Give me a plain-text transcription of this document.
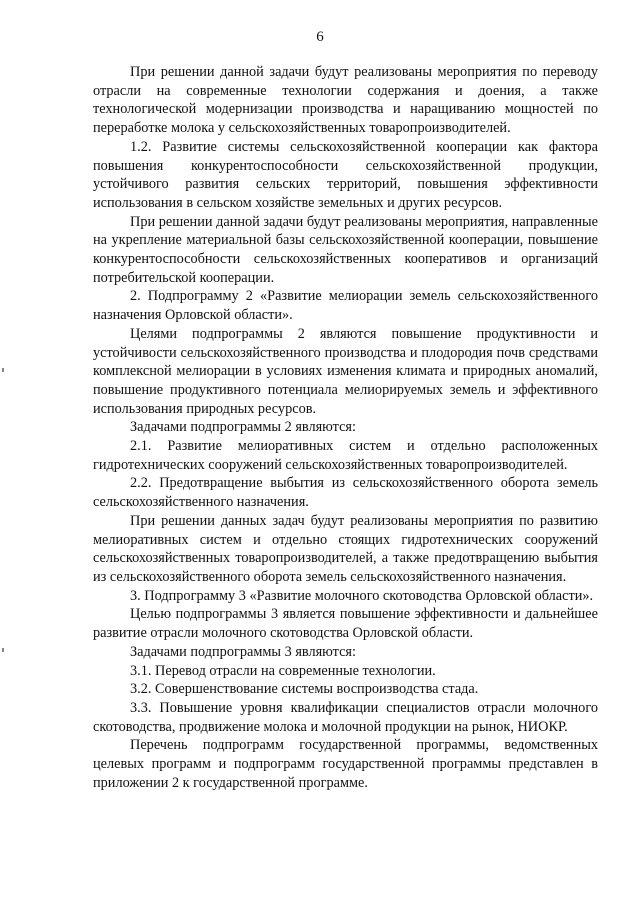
6

При решении данной задачи будут реализованы мероприятия по переводу отрасли на современные технологии содержания и доения, а также технологической модернизации производства и наращиванию мощностей по переработке молока у сельскохозяйственных товаропроизводителей.

1.2. Развитие системы сельскохозяйственной кооперации как фактора повышения конкурентоспособности сельскохозяйственной продукции, устойчивого развития сельских территорий, повышения эффективности использования в сельском хозяйстве земельных и других ресурсов.

При решении данной задачи будут реализованы мероприятия, направленные на укрепление материальной базы сельскохозяйственной кооперации, повышение конкурентоспособности сельскохозяйственных кооперативов и организаций потребительской кооперации.

2. Подпрограмму 2 «Развитие мелиорации земель сельскохозяйственного назначения Орловской области».

Целями подпрограммы 2 являются повышение продуктивности и устойчивости сельскохозяйственного производства и плодородия почв средствами комплексной мелиорации в условиях изменения климата и природных аномалий, повышение продуктивного потенциала мелиорируемых земель и эффективного использования природных ресурсов.

Задачами подпрограммы 2 являются:

2.1. Развитие мелиоративных систем и отдельно расположенных гидротехнических сооружений сельскохозяйственных товаропроизводителей.

2.2. Предотвращение выбытия из сельскохозяйственного оборота земель сельскохозяйственного назначения.

При решении данных задач будут реализованы мероприятия по развитию мелиоративных систем и отдельно стоящих гидротехнических сооружений сельскохозяйственных товаропроизводителей, а также предотвращению выбытия из сельскохозяйственного оборота земель сельскохозяйственного назначения.

3. Подпрограмму 3 «Развитие молочного скотоводства Орловской области».

Целью подпрограммы 3 является повышение эффективности и дальнейшее развитие отрасли молочного скотоводства Орловской области.

Задачами подпрограммы 3 являются:

3.1. Перевод отрасли на современные технологии.

3.2. Совершенствование системы воспроизводства стада.

3.3. Повышение уровня квалификации специалистов отрасли молочного скотоводства, продвижение молока и молочной продукции на рынок, НИОКР.

Перечень подпрограмм государственной программы, ведомственных целевых программ и подпрограмм государственной программы представлен в приложении 2 к государственной программе.
